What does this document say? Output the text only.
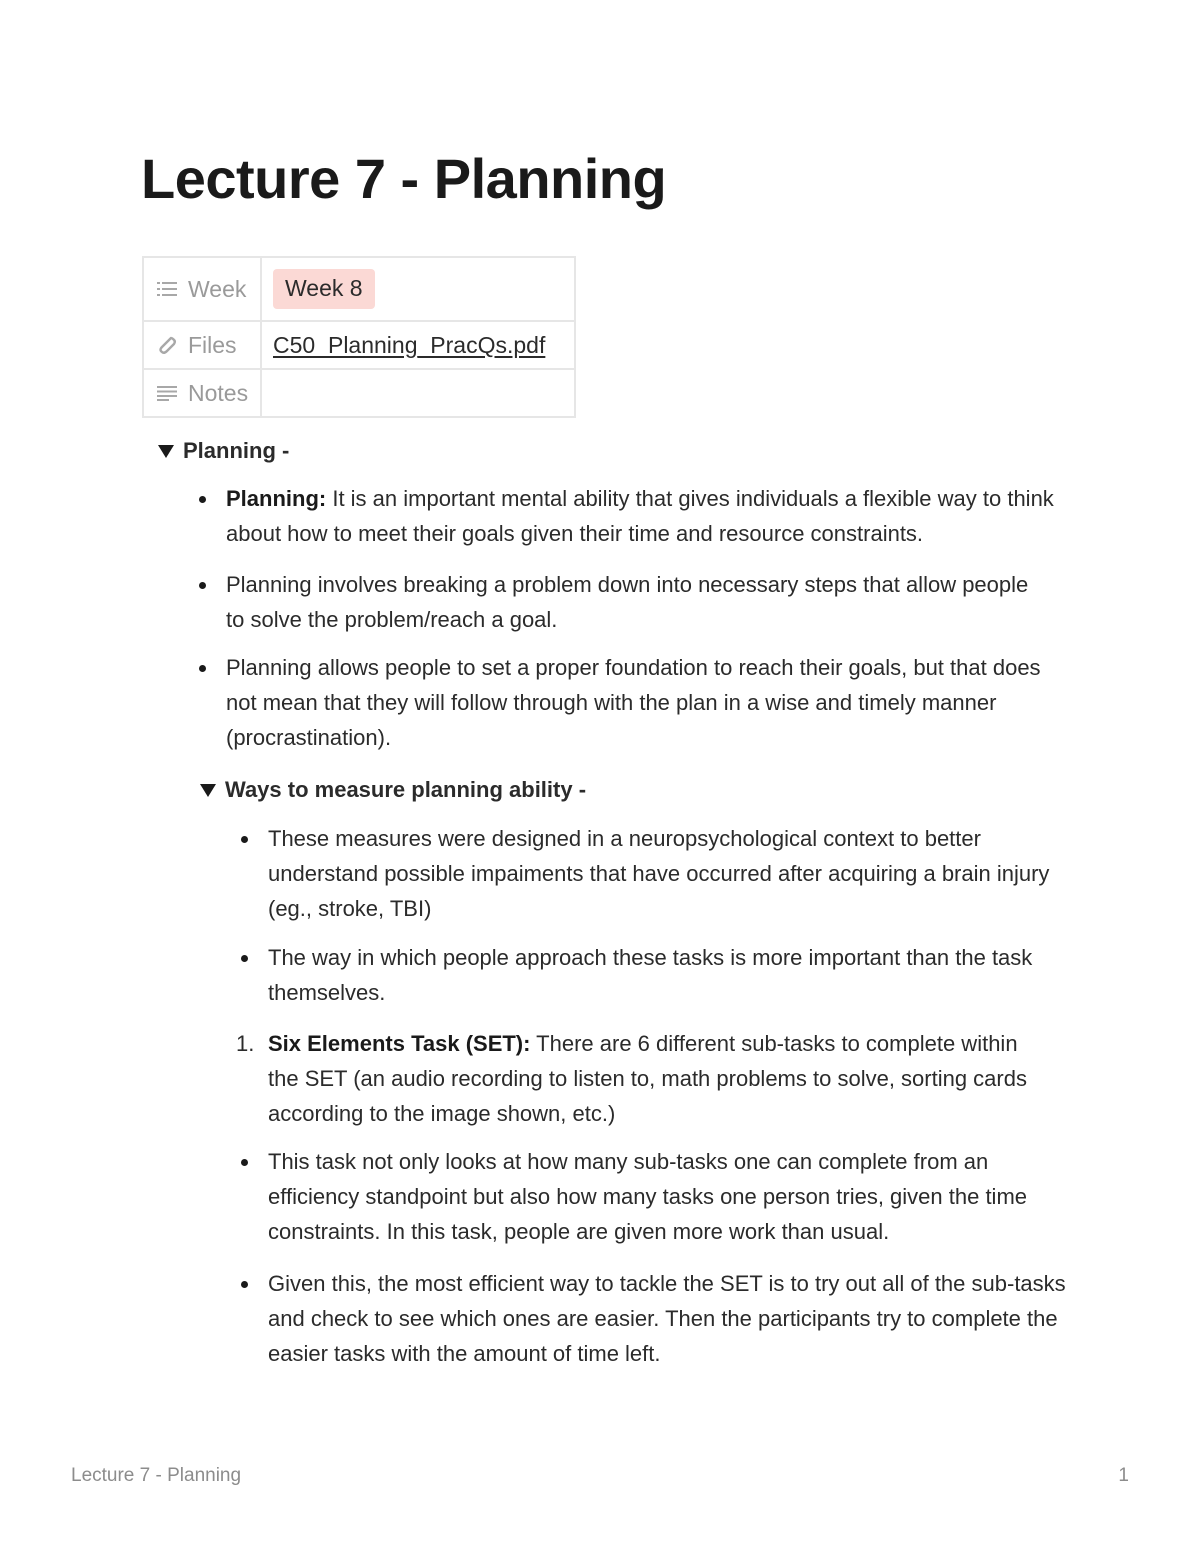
Lecture 7 - Planning
Week	Week 8

Files	C50_Planning_PracQs.pdf

Notes	

Planning -
Planning: It is an important mental ability that gives individuals a flexible way to think about how to meet their goals given their time and resource constraints.
Planning involves breaking a problem down into necessary steps that allow people to solve the problem/reach a goal.
Planning allows people to set a proper foundation to reach their goals, but that does not mean that they will follow through with the plan in a wise and timely manner (procrastination).
Ways to measure planning ability -
These measures were designed in a neuropsychological context to better understand possible impaiments that have occurred after acquiring a brain injury (eg., stroke, TBI)
The way in which people approach these tasks is more important than the task themselves.
1. Six Elements Task (SET): There are 6 different sub-tasks to complete within the SET (an audio recording to listen to, math problems to solve, sorting cards according to the image shown, etc.)
This task not only looks at how many sub-tasks one can complete from an efficiency standpoint but also how many tasks one person tries, given the time constraints. In this task, people are given more work than usual.
Given this, the most efficient way to tackle the SET is to try out all of the sub-tasks and check to see which ones are easier. Then the participants try to complete the easier tasks with the amount of time left.
Lecture 7 - Planning	1
